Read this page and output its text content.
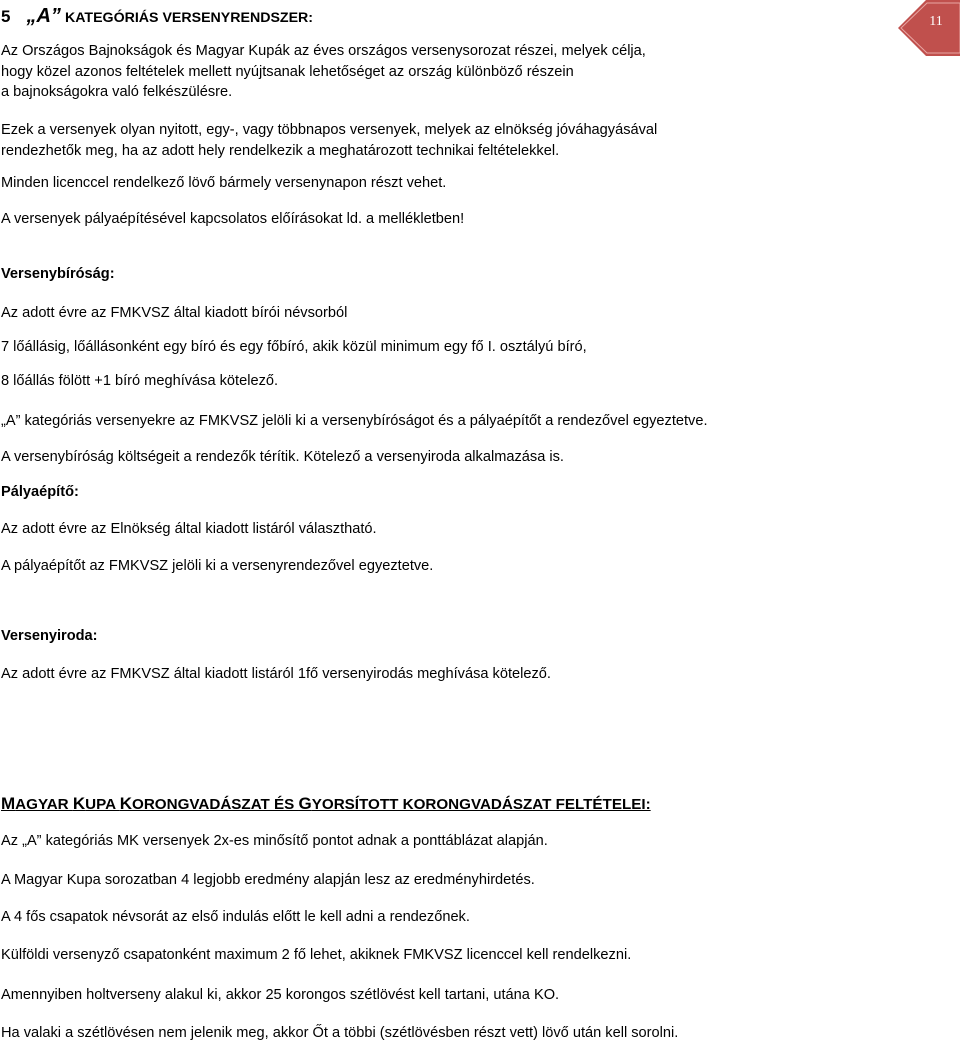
11
5 „A” KATEGÓRIÁS VERSENYRENDSZER:
Az Országos Bajnokságok és Magyar Kupák az éves országos versenysorozat részei, melyek célja,
hogy közel azonos feltételek mellett nyújtsanak lehetőséget az ország különböző részein
a bajnokságokra való felkészülésre.
Ezek a versenyek olyan nyitott, egy-, vagy többnapos versenyek, melyek az elnökség jóváhagyásával
rendezhetők meg, ha az adott hely rendelkezik a meghatározott technikai feltételekkel.
Minden licenccel rendelkező lövő bármely versenynapon részt vehet.
A versenyek pályaépítésével kapcsolatos előírásokat ld. a mellékletben!
Versenybíróság:
Az adott évre az FMKVSZ által kiadott bírói névsorból
7 lőállásig, lőállásonként egy bíró és egy főbíró, akik közül minimum egy fő I. osztályú bíró,
8 lőállás fölött +1 bíró meghívása kötelező.
„A” kategóriás versenyekre az FMKVSZ jelöli ki a versenybíróságot és a pályaépítőt a rendezővel egyeztetve.
A versenybíróság költségeit a rendezők térítik. Kötelező a versenyiroda alkalmazása is.
Pályaépítő:
Az adott évre az Elnökség által kiadott listáról választható.
A pályaépítőt az FMKVSZ jelöli ki a versenyrendezővel egyeztetve.
Versenyiroda:
Az adott évre az FMKVSZ által kiadott listáról 1fő versenyirodás meghívása kötelező.
MAGYAR KUPA KORONGVADÁSZAT ÉS GYORSÍTOTT KORONGVADÁSZAT FELTÉTELEI:
Az „A” kategóriás MK versenyek 2x-es minősítő pontot adnak a ponttáblázat alapján.
A Magyar Kupa sorozatban 4 legjobb eredmény alapján lesz az eredményhirdetés.
A 4 fős csapatok névsorát az első indulás előtt le kell adni a rendezőnek.
Külföldi versenyző csapatonként maximum 2 fő lehet, akiknek FMKVSZ licenccel kell rendelkezni.
Amennyiben holtverseny alakul ki, akkor 25 korongos szétlövést kell tartani, utána KO.
Ha valaki a szétlövésen nem jelenik meg, akkor Őt a többi (szétlövésben részt vett) lövő után kell sorolni.
